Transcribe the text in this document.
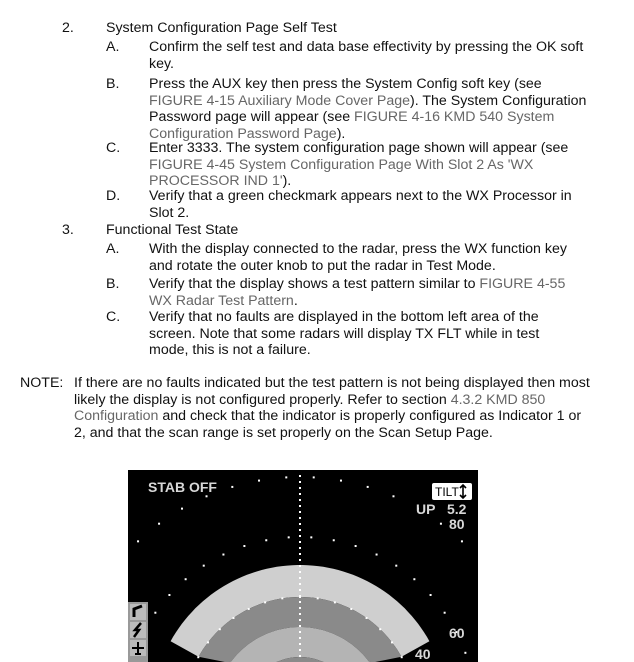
2. System Configuration Page Self Test
A. Confirm the self test and data base effectivity by pressing the OK soft key.
B. Press the AUX key then press the System Config soft key (see FIGURE 4-15 Auxiliary Mode Cover Page). The System Configuration Password page will appear (see FIGURE 4-16 KMD 540 System Configuration Password Page).
C. Enter 3333. The system configuration page shown will appear (see FIGURE 4-45 System Configuration Page With Slot 2 As 'WX PROCESSOR IND 1').
D. Verify that a green checkmark appears next to the WX Processor in Slot 2.
3. Functional Test State
A. With the display connected to the radar, press the WX function key and rotate the outer knob to put the radar in Test Mode.
B. Verify that the display shows a test pattern similar to FIGURE 4-55 WX Radar Test Pattern.
C. Verify that no faults are displayed in the bottom left area of the screen. Note that some radars will display TX FLT while in test mode, this is not a failure.
NOTE: If there are no faults indicated but the test pattern is not being displayed then most likely the display is not configured properly. Refer to section 4.3.2 KMD 850 Configuration and check that the indicator is properly configured as Indicator 1 or 2, and that the scan range is set properly on the Scan Setup Page.
STAB OFF	TILT
UP 5.2
80
60
40
